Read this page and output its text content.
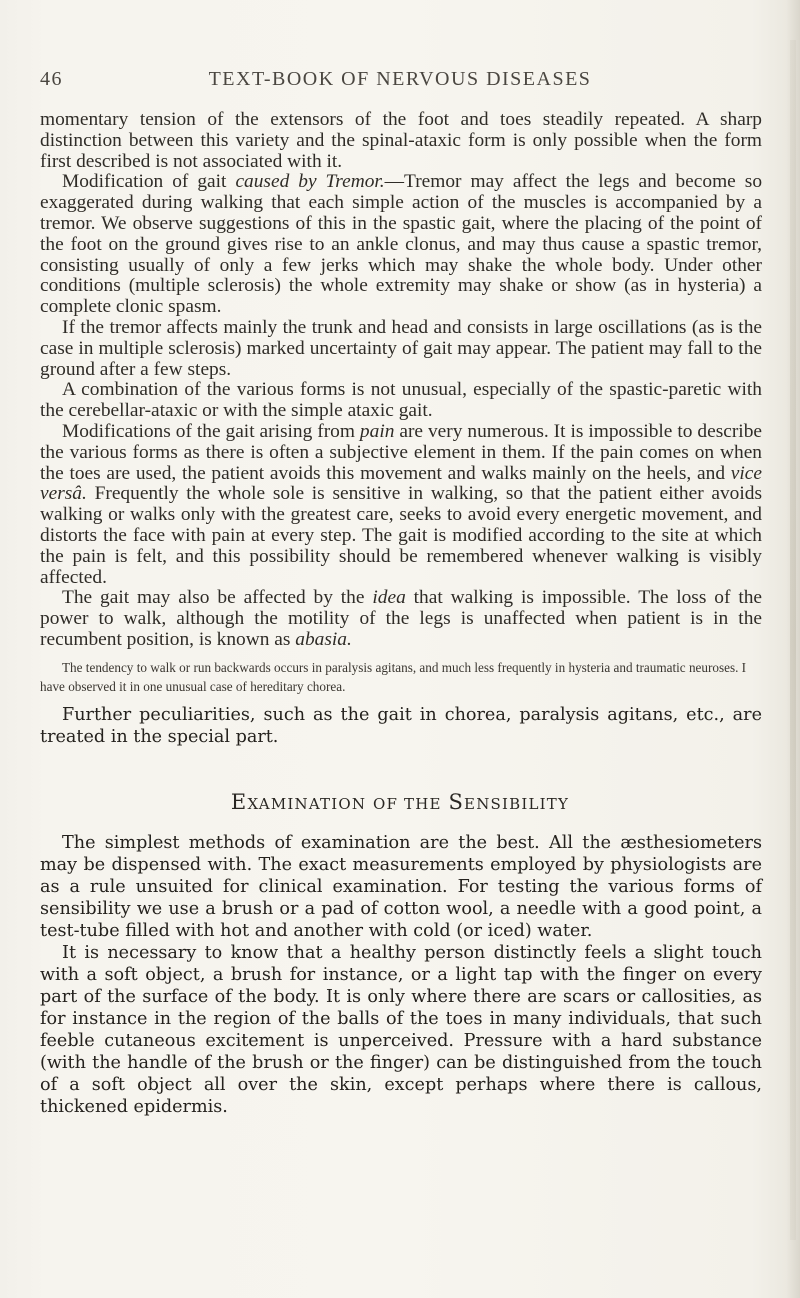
46	TEXT-BOOK OF NERVOUS DISEASES

momentary tension of the extensors of the foot and toes steadily repeated. A sharp distinction between this variety and the spinal-ataxic form is only possible when the form first described is not associated with it.

Modification of gait caused by Tremor.—Tremor may affect the legs and become so exaggerated during walking that each simple action of the muscles is accompanied by a tremor. We observe suggestions of this in the spastic gait, where the placing of the point of the foot on the ground gives rise to an ankle clonus, and may thus cause a spastic tremor, consisting usually of only a few jerks which may shake the whole body. Under other conditions (multiple sclerosis) the whole extremity may shake or show (as in hysteria) a complete clonic spasm.

If the tremor affects mainly the trunk and head and consists in large oscillations (as is the case in multiple sclerosis) marked uncertainty of gait may appear. The patient may fall to the ground after a few steps.

A combination of the various forms is not unusual, especially of the spastic-paretic with the cerebellar-ataxic or with the simple ataxic gait.

Modifications of the gait arising from pain are very numerous. It is impossible to describe the various forms as there is often a subjective element in them. If the pain comes on when the toes are used, the patient avoids this movement and walks mainly on the heels, and vice versâ. Frequently the whole sole is sensitive in walking, so that the patient either avoids walking or walks only with the greatest care, seeks to avoid every energetic movement, and distorts the face with pain at every step. The gait is modified according to the site at which the pain is felt, and this possibility should be remembered whenever walking is visibly affected.

The gait may also be affected by the idea that walking is impossible. The loss of the power to walk, although the motility of the legs is unaffected when patient is in the recumbent position, is known as abasia.

The tendency to walk or run backwards occurs in paralysis agitans, and much less frequently in hysteria and traumatic neuroses. I have observed it in one unusual case of hereditary chorea.

Further peculiarities, such as the gait in chorea, paralysis agitans, etc., are treated in the special part.

EXAMINATION OF THE SENSIBILITY

The simplest methods of examination are the best. All the æsthesiometers may be dispensed with. The exact measurements employed by physiologists are as a rule unsuited for clinical examination. For testing the various forms of sensibility we use a brush or a pad of cotton wool, a needle with a good point, a test-tube filled with hot and another with cold (or iced) water.

It is necessary to know that a healthy person distinctly feels a slight touch with a soft object, a brush for instance, or a light tap with the finger on every part of the surface of the body. It is only where there are scars or callosities, as for instance in the region of the balls of the toes in many individuals, that such feeble cutaneous excitement is unperceived. Pressure with a hard substance (with the handle of the brush or the finger) can be distinguished from the touch of a soft object all over the skin, except perhaps where there is callous, thickened epidermis.
